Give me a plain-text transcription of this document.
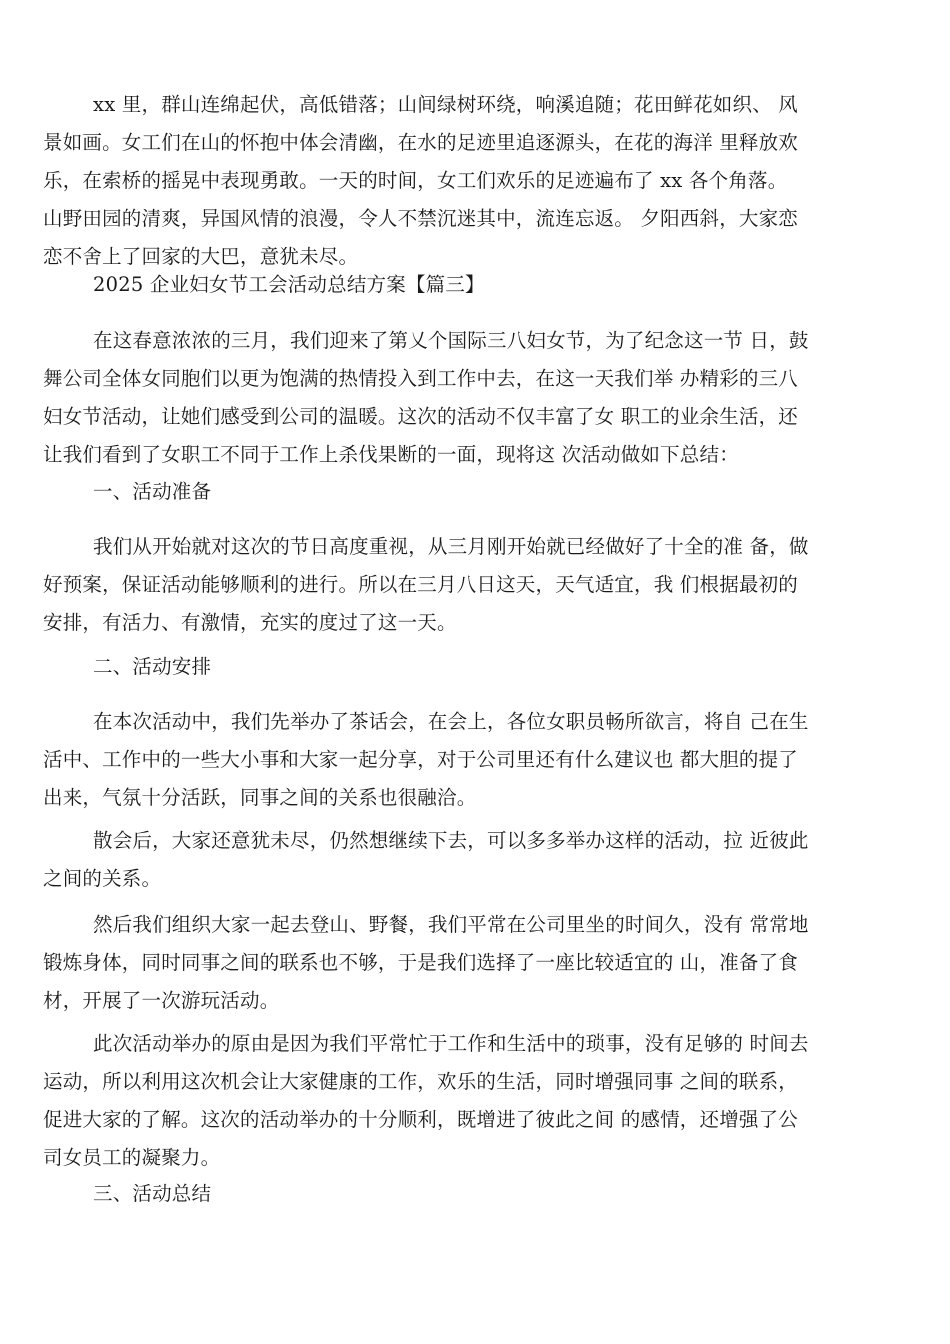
xx 里，群山连绵起伏，高低错落；山间绿树环绕，响溪追随；花田鲜花如织、 风
景如画。女工们在山的怀抱中体会清幽，在水的足迹里追逐源头，在花的海洋 里释放欢
乐，在索桥的摇晃中表现勇敢。一天的时间，女工们欢乐的足迹遍布了 xx 各个角落。
山野田园的清爽，异国风情的浪漫，令人不禁沉迷其中，流连忘返。 夕阳西斜，大家恋
恋不舍上了回家的大巴，意犹未尽。
2025 企业妇女节工会活动总结方案【篇三】
在这春意浓浓的三月，我们迎来了第乂个国际三八妇女节，为了纪念这一节 日，鼓
舞公司全体女同胞们以更为饱满的热情投入到工作中去，在这一天我们举 办精彩的三八
妇女节活动，让她们感受到公司的温暖。这次的活动不仅丰富了女 职工的业余生活，还
让我们看到了女职工不同于工作上杀伐果断的一面，现将这 次活动做如下总结：
一、活动准备
我们从开始就对这次的节日高度重视，从三月刚开始就已经做好了十全的准 备，做
好预案，保证活动能够顺利的进行。所以在三月八日这天，天气适宜，我 们根据最初的
安排，有活力、有激情，充实的度过了这一天。
二、活动安排
在本次活动中，我们先举办了茶话会，在会上，各位女职员畅所欲言，将自 己在生
活中、工作中的一些大小事和大家一起分享，对于公司里还有什么建议也 都大胆的提了
出来，气氛十分活跃，同事之间的关系也很融洽。
散会后，大家还意犹未尽，仍然想继续下去，可以多多举办这样的活动，拉 近彼此
之间的关系。
然后我们组织大家一起去登山、野餐，我们平常在公司里坐的时间久，没有 常常地
锻炼身体，同时同事之间的联系也不够，于是我们选择了一座比较适宜的 山，准备了食
材，开展了一次游玩活动。
此次活动举办的原由是因为我们平常忙于工作和生活中的琐事，没有足够的 时间去
运动，所以利用这次机会让大家健康的工作，欢乐的生活，同时增强同事 之间的联系，
促进大家的了解。这次的活动举办的十分顺利，既增进了彼此之间 的感情，还增强了公
司女员工的凝聚力。
三、活动总结
